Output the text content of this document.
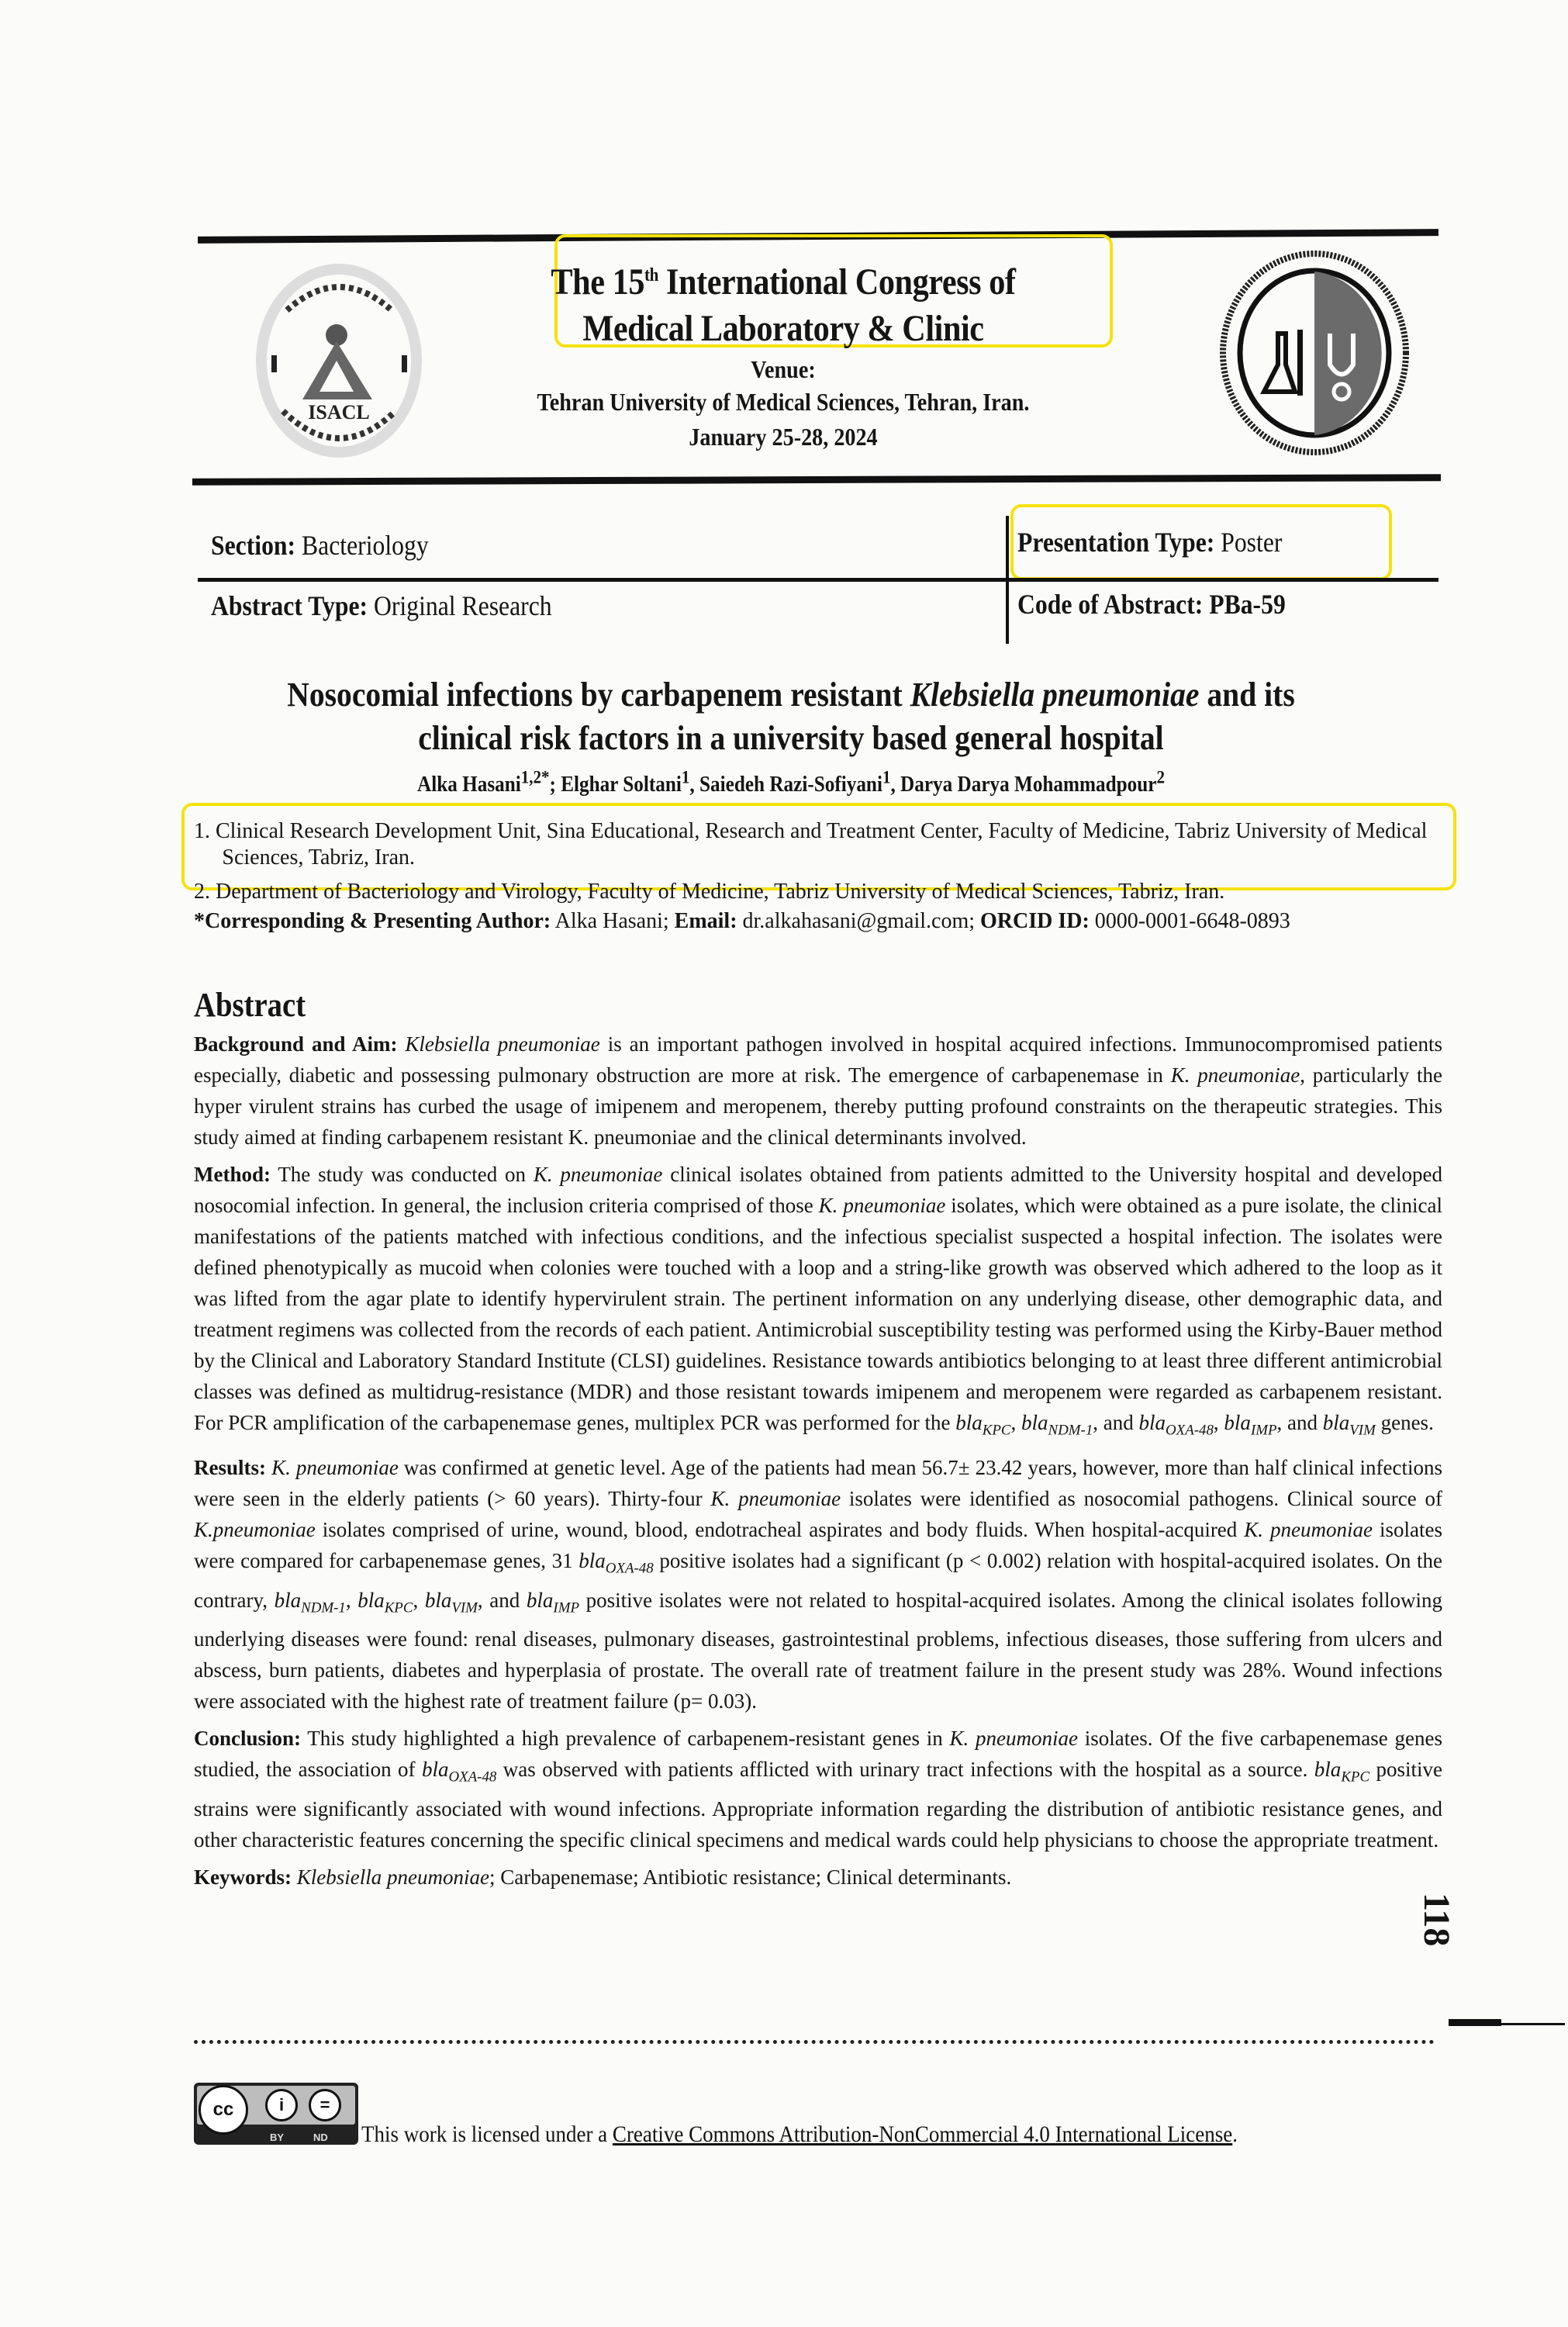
ISACL
The 15th International Congress of
Medical Laboratory & Clinic
Venue:
Tehran University of Medical Sciences, Tehran, Iran.
January 25-28, 2024
Section: Bacteriology	Presentation Type: Poster
Abstract Type: Original Research	Code of Abstract: PBa-59
Nosocomial infections by carbapenem resistant Klebsiella pneumoniae and its clinical risk factors in a university based general hospital
Alka Hasani$^{1,2*}$; Elghar Soltani$^1$, Saiedeh Razi-Sofiyani$^1$, Darya Darya Mohammadpour$^2$
1. Clinical Research Development Unit, Sina Educational, Research and Treatment Center, Faculty of Medicine, Tabriz University of Medical Sciences, Tabriz, Iran.
2. Department of Bacteriology and Virology, Faculty of Medicine, Tabriz University of Medical Sciences, Tabriz, Iran.
*Corresponding & Presenting Author: Alka Hasani; Email: dr.alkahasani@gmail.com; ORCID ID: 0000-0001-6648-0893
Abstract

Background and Aim: Klebsiella pneumoniae is an important pathogen involved in hospital acquired infections. Immunocompromised patients especially, diabetic and possessing pulmonary obstruction are more at risk. The emergence of carbapenemase in K. pneumoniae, particularly the hyper virulent strains has curbed the usage of imipenem and meropenem, thereby putting profound constraints on the therapeutic strategies. This study aimed at finding carbapenem resistant K. pneumoniae and the clinical determinants involved.

Method: The study was conducted on K. pneumoniae clinical isolates obtained from patients admitted to the University hospital and developed nosocomial infection. In general, the inclusion criteria comprised of those K. pneumoniae isolates, which were obtained as a pure isolate, the clinical manifestations of the patients matched with infectious conditions, and the infectious specialist suspected a hospital infection. The isolates were defined phenotypically as mucoid when colonies were touched with a loop and a string-like growth was observed which adhered to the loop as it was lifted from the agar plate to identify hypervirulent strain. The pertinent information on any underlying disease, other demographic data, and treatment regimens was collected from the records of each patient. Antimicrobial susceptibility testing was performed using the Kirby-Bauer method by the Clinical and Laboratory Standard Institute (CLSI) guidelines. Resistance towards antibiotics belonging to at least three different antimicrobial classes was defined as multidrug-resistance (MDR) and those resistant towards imipenem and meropenem were regarded as carbapenem resistant. For PCR amplification of the carbapenemase genes, multiplex PCR was performed for the bla$_{KPC}$, bla$_{NDM-1}$, and bla$_{OXA-48}$, bla$_{IMP}$, and bla$_{VIM}$ genes.

Results: K. pneumoniae was confirmed at genetic level. Age of the patients had mean 56.7± 23.42 years, however, more than half clinical infections were seen in the elderly patients (> 60 years). Thirty-four K. pneumoniae isolates were identified as nosocomial pathogens. Clinical source of K.pneumoniae isolates comprised of urine, wound, blood, endotracheal aspirates and body fluids. When hospital-acquired K. pneumoniae isolates were compared for carbapenemase genes, 31 bla$_{OXA-48}$ positive isolates had a significant (p < 0.002) relation with hospital-acquired isolates. On the contrary, bla$_{NDM-1}$, bla$_{KPC}$, bla$_{VIM}$, and bla$_{IMP}$ positive isolates were not related to hospital-acquired isolates. Among the clinical isolates following underlying diseases were found: renal diseases, pulmonary diseases, gastrointestinal problems, infectious diseases, those suffering from ulcers and abscess, burn patients, diabetes and hyperplasia of prostate. The overall rate of treatment failure in the present study was 28%. Wound infections were associated with the highest rate of treatment failure (p= 0.03).

Conclusion: This study highlighted a high prevalence of carbapenem-resistant genes in K. pneumoniae isolates. Of the five carbapenemase genes studied, the association of bla$_{OXA-48}$ was observed with patients afflicted with urinary tract infections with the hospital as a source. bla$_{KPC}$ positive strains were significantly associated with wound infections. Appropriate information regarding the distribution of antibiotic resistance genes, and other characteristic features concerning the specific clinical specimens and medical wards could help physicians to choose the appropriate treatment.

Keywords: Klebsiella pneumoniae; Carbapenemase; Antibiotic resistance; Clinical determinants.

118
cc	i	=
BY	ND This work is licensed under a Creative Commons Attribution-NonCommercial 4.0 International License.
